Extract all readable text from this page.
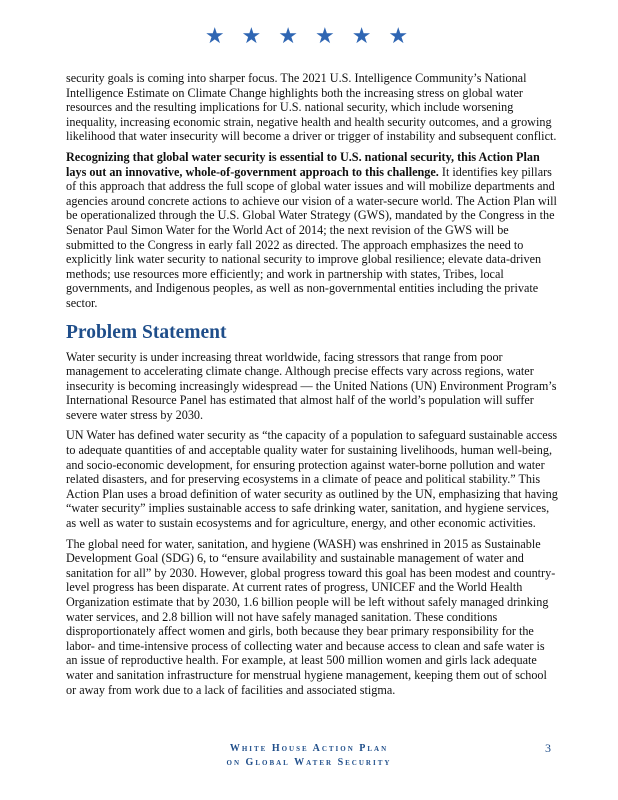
★ ★ ★ ★ ★ ★

security goals is coming into sharper focus. The 2021 U.S. Intelligence Community’s National Intelligence Estimate on Climate Change highlights both the increasing stress on global water resources and the resulting implications for U.S. national security, which include worsening inequality, increasing economic strain, negative health and health security outcomes, and a growing likelihood that water insecurity will become a driver or trigger of instability and subsequent conflict.

Recognizing that global water security is essential to U.S. national security, this Action Plan lays out an innovative, whole-of-government approach to this challenge. It identifies key pillars of this approach that address the full scope of global water issues and will mobilize departments and agencies around concrete actions to achieve our vision of a water-secure world. The Action Plan will be operationalized through the U.S. Global Water Strategy (GWS), mandated by the Congress in the Senator Paul Simon Water for the World Act of 2014; the next revision of the GWS will be submitted to the Congress in early fall 2022 as directed. The approach emphasizes the need to explicitly link water security to national security to improve global resilience; elevate data-driven methods; use resources more efficiently; and work in partnership with states, Tribes, local governments, and Indigenous peoples, as well as non-governmental entities including the private sector.

Problem Statement

Water security is under increasing threat worldwide, facing stressors that range from poor management to accelerating climate change. Although precise effects vary across regions, water insecurity is becoming increasingly widespread — the United Nations (UN) Environment Program’s International Resource Panel has estimated that almost half of the world’s population will suffer severe water stress by 2030.

UN Water has defined water security as “the capacity of a population to safeguard sustainable access to adequate quantities of and acceptable quality water for sustaining livelihoods, human well-being, and socio-economic development, for ensuring protection against water-borne pollution and water related disasters, and for preserving ecosystems in a climate of peace and political stability.” This Action Plan uses a broad definition of water security as outlined by the UN, emphasizing that having “water security” implies sustainable access to safe drinking water, sanitation, and hygiene services, as well as water to sustain ecosystems and for agriculture, energy, and other economic activities.

The global need for water, sanitation, and hygiene (WASH) was enshrined in 2015 as Sustainable Development Goal (SDG) 6, to “ensure availability and sustainable management of water and sanitation for all” by 2030. However, global progress toward this goal has been modest and country-level progress has been disparate. At current rates of progress, UNICEF and the World Health Organization estimate that by 2030, 1.6 billion people will be left without safely managed drinking water services, and 2.8 billion will not have safely managed sanitation. These conditions disproportionately affect women and girls, both because they bear primary responsibility for the labor- and time-intensive process of collecting water and because access to clean and safe water is an issue of reproductive health. For example, at least 500 million women and girls lack adequate water and sanitation infrastructure for menstrual hygiene management, keeping them out of school or away from work due to a lack of facilities and associated stigma.

White House Action Plan
on Global Water Security
3
